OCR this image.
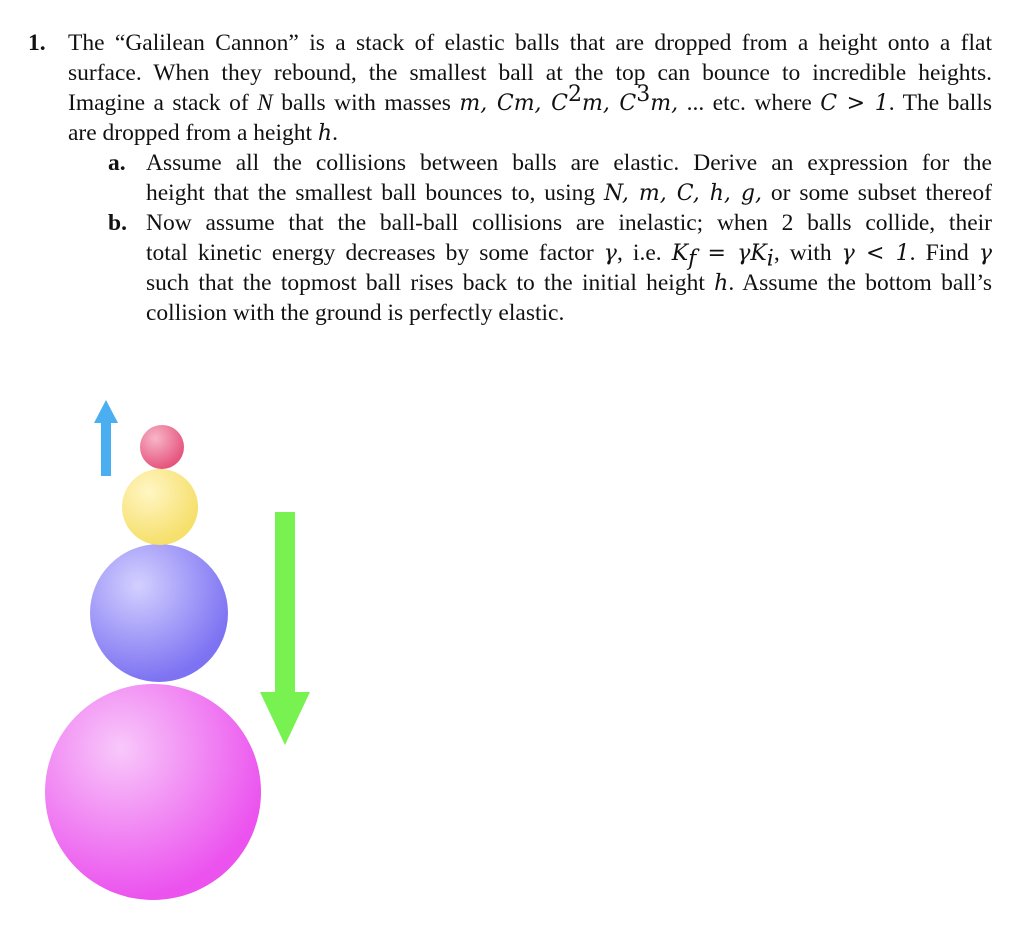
1. The “Galilean Cannon” is a stack of elastic balls that are dropped from a height onto a flat
surface. When they rebound, the smallest ball at the top can bounce to incredible heights.
Imagine a stack of N balls with masses m, Cm, $C^2m$, $C^3m$, ... etc. where C > 1. The balls
are dropped from a height h.
a. Assume all the collisions between balls are elastic. Derive an expression for the
height that the smallest ball bounces to, using N, m, C, h, g, or some subset thereof
b. Now assume that the ball-ball collisions are inelastic; when 2 balls collide, their
total kinetic energy decreases by some factor γ, i.e. $K_f = \gamma K_i$, with γ < 1. Find γ
such that the topmost ball rises back to the initial height h. Assume the bottom ball’s
collision with the ground is perfectly elastic.
